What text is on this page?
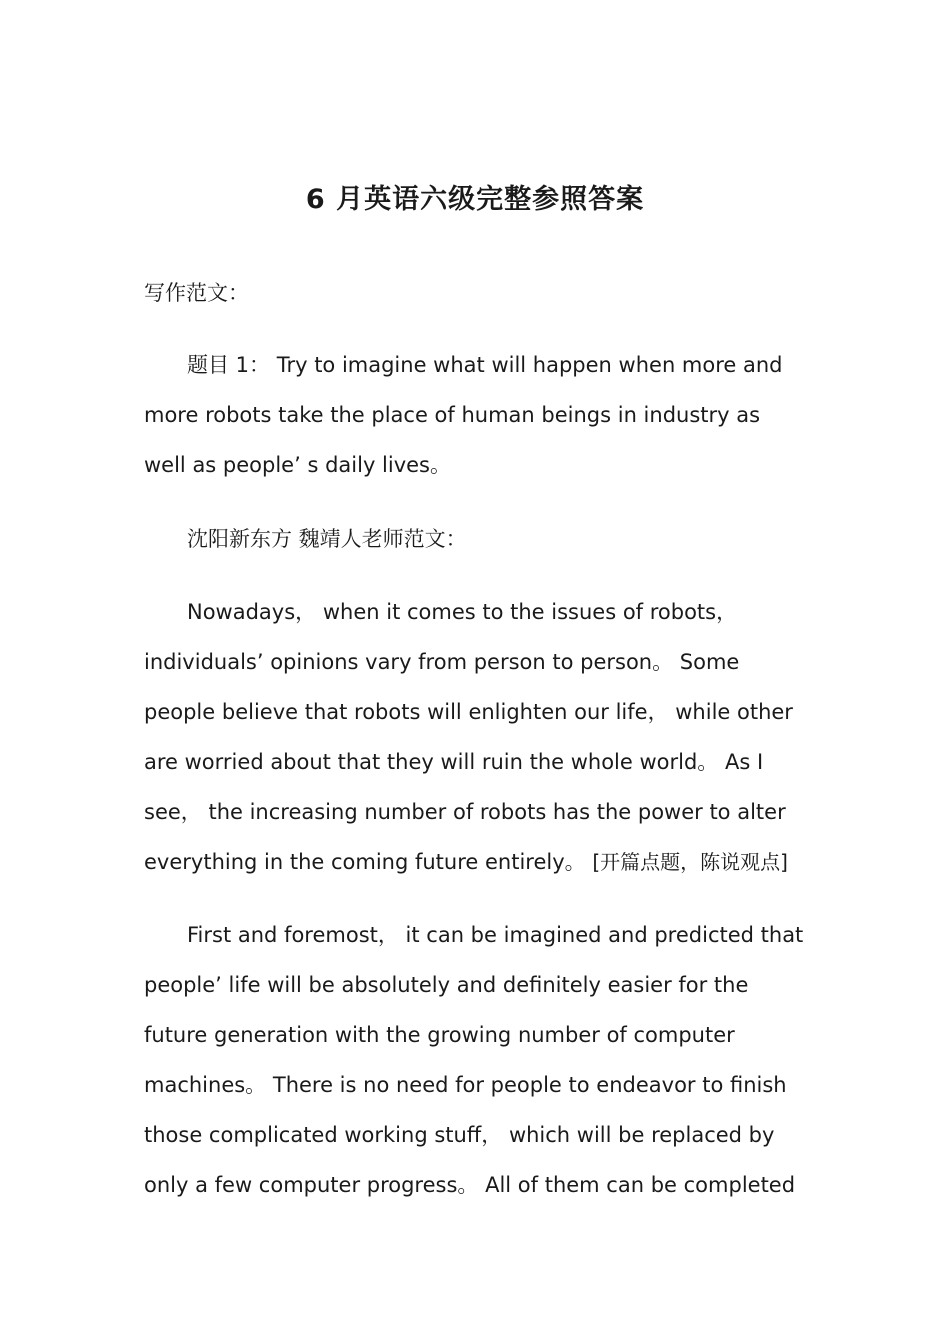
6 月英语六级完整参照答案

写作范文：

题目 1： Try to imagine what will happen when more and more robots take the place of human beings in industry as well as people’ s daily lives。

沈阳新东方 魏靖人老师范文：

Nowadays， when it comes to the issues of robots， individuals’ opinions vary from person to person。 Some people believe that robots will enlighten our life， while other are worried about that they will ruin the whole world。 As I see， the increasing number of robots has the power to alter everything in the coming future entirely。 [开篇点题，陈说观点]

First and foremost， it can be imagined and predicted that people’ life will be absolutely and definitely easier for the future generation with the growing number of computer machines。 There is no need for people to endeavor to finish those complicated working stuff， which will be replaced by only a few computer progress。 All of them can be completed
